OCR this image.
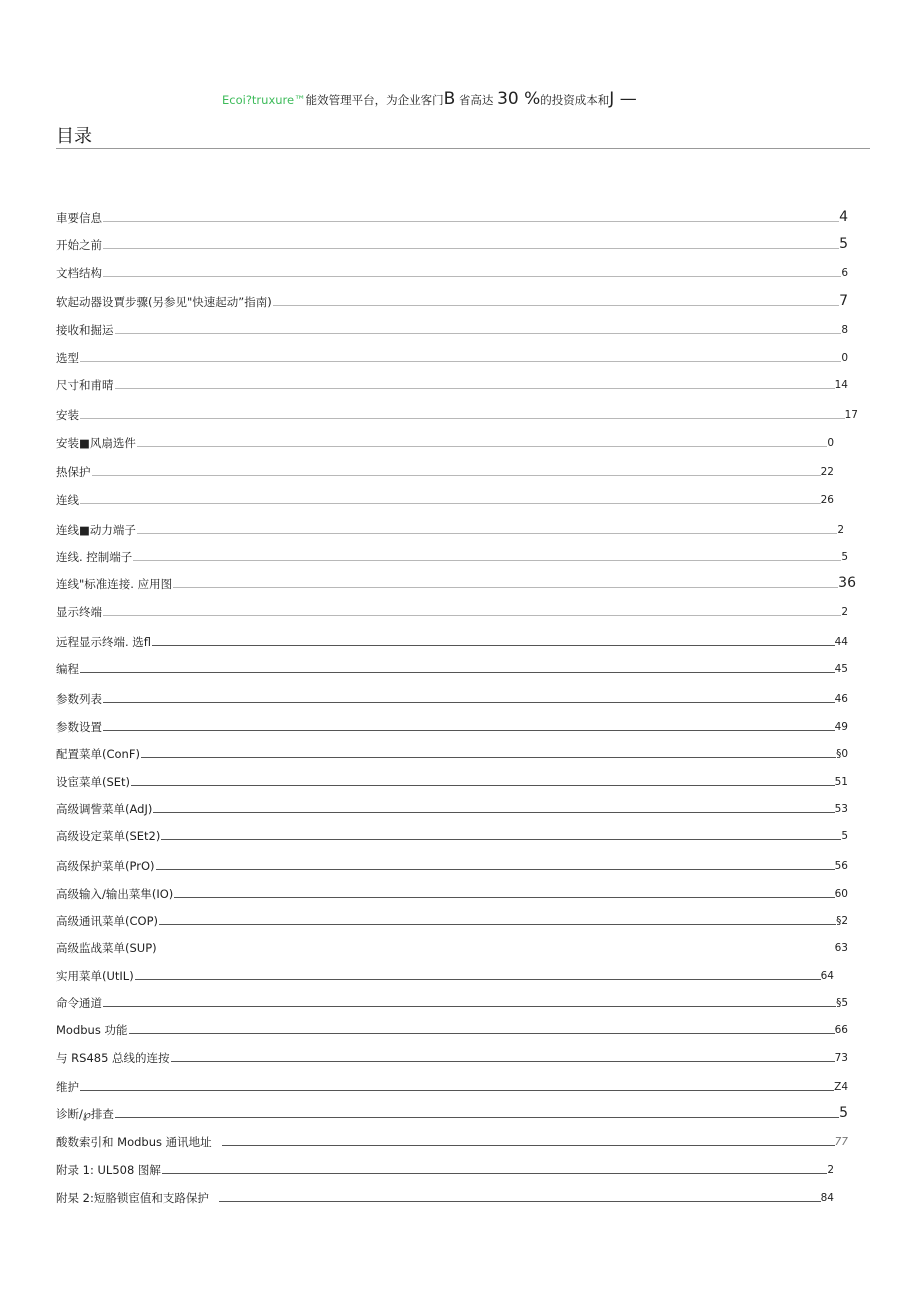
Ecoi?truxure™能效管理平台，为企业客门B 省高达 30 %的投资成本和J —
目录
車要信息	4
开始之前	5
文档结构	6
软起动器设賈步骤(另参见"快速起动”指南)	7
接收和掘运	8
选型	0
尺寸和甫晴	14
安装	17
安装■风扇选件	0
热保护	22
连线	26
连线■动力端子	2
连线. 控制端子	5
连线"标准连接. 应用图	36
显示终端	2
远程显示终端. 选fl	44
编程	45
参数列表	46
参数设置	49
配置菜单(ConF)	§0
设宦菜单(SEt)	51
高级调訾菜单(AdJ)	53
高级设定菜单(SEt2)	5
高级保护菜单(PrO)	56
高级输入/输出菜隼(IO)	60
高级通讯菜单(COP)	§2
高级监战菜单(SUP)	63
实用菜单(UtIL)	64
命令通道	§5
Modbus 功能	66
与 RS485 总线的连按	73
维护	Z4
诊断/℘排查	5
酸数索引和 Modbus 通讯地址	77
附录 1: UL508 图解	2
附杲 2:短胳锁宦值和支路保护	84
